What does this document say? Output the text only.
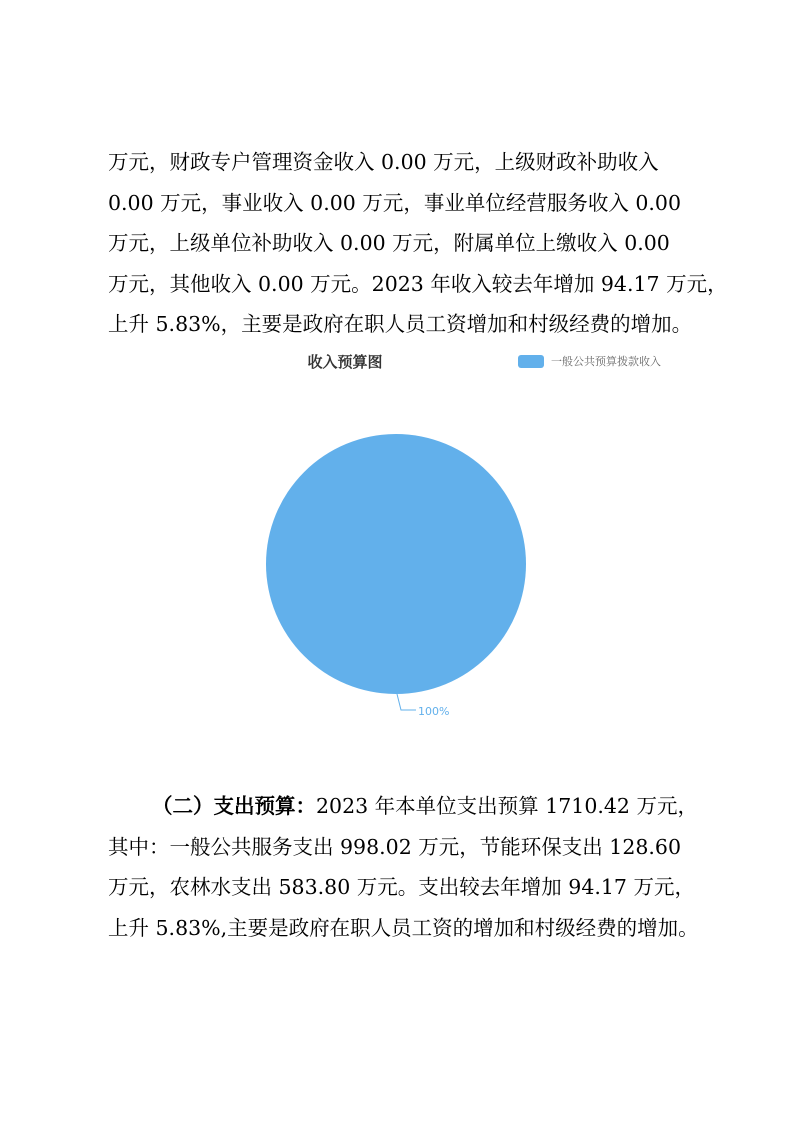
万元，财政专户管理资金收入 0.00 万元，上级财政补助收入
0.00 万元，事业收入 0.00 万元，事业单位经营服务收入 0.00
万元，上级单位补助收入 0.00 万元，附属单位上缴收入 0.00
万元，其他收入 0.00 万元。2023 年收入较去年增加 94.17 万元，
上升 5.83%，主要是政府在职人员工资增加和村级经费的增加。
收入预算图	一般公共预算拨款收入
100%
（二）支出预算：2023 年本单位支出预算 1710.42 万元，
其中：一般公共服务支出 998.02 万元，节能环保支出 128.60
万元，农林水支出 583.80 万元。支出较去年增加 94.17 万元，
上升 5.83%,主要是政府在职人员工资的增加和村级经费的增加。
